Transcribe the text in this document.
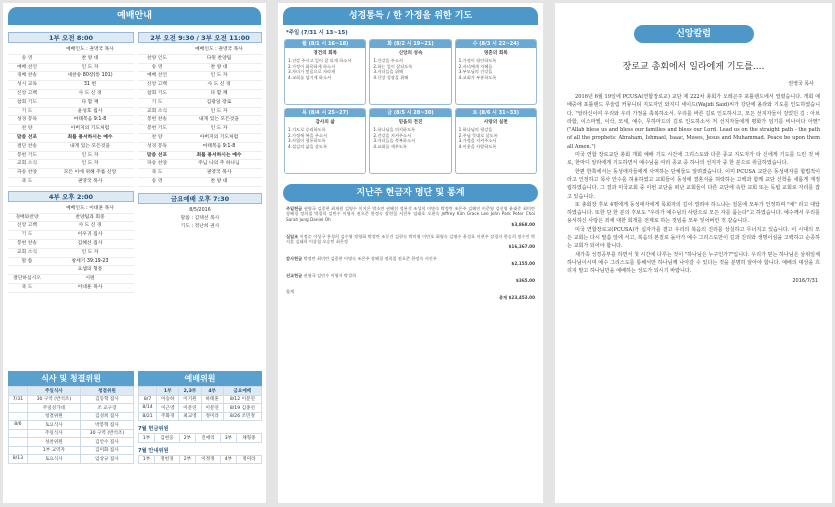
예배안내
1부 오전 8:00
예배인도 : 권영국 목사
송 영	찬 양 대
예배 선언	인 도 자
경배 찬송	새찬송 80장(통 101)
성시 교독	31 번
신앙 고백	사 도 신 경
참회 기도	다 함 께
기 도	윤성호 집사
성경 봉독	마태복음 9:1-8
찬 양	아버지의 기도처럼
말씀 선포	죄를 용서하시는 예수
결단 찬송	내게 있는 모든것을
봉헌 기도	인 도 자
교회 소식	인 도 자
파송 찬양	모든 이에 위해 주를 신앙
축 도	권영국 목사
4부 오후 2:00
예배인도 : 이대훈 목사
경배와찬양	찬양팀과 회중
신앙 고백	사 도 신 경
기 도	이우귀 집사
봉헌 찬송	김혜선 집사
교회 소식	인 도 자
말 씀	창세기 39:19-23
요셉의 형통
결단하십시오	시편
축 도	이대훈 목사
2부 오전 9:30 / 3부 오전 11:00
예배인도 : 권영국 목사
찬양 인도	다윗 찬양팀
송 영	찬 양 대
예배 선언	인 도 자
신앙 고백	사 도 신 경
참회 기도	다 함 께
기 도	김광일 장로
교회 소식	인 도 자
봉헌 찬송	내게 있는 모든것을
봉헌 기도	인 도 자
찬 양	아버지의 기도처럼
성경 봉독	마태복음 9:1-8
말씀 선포	죄를 용서하시는 예수
파송 찬양	주님 나의 주 하나님
축 도	권영국 목사
송 영	찬 양 대
금요예배 오후 7:30
8/5/2016
말씀 : 김택선 목사
기도 : 정난희 권사
식사 및 청결위원
	주일식사	청결위원
7/31	30 구역 (반석조)	김동혁 집사
	주일성가대	조 교구장
	청결위원	김성희 집사
8/6	토요식사	박봉혁 집사
	주일식사	30 구역 (반석조)
	성찬위원	김안수 집사
	1부 교역자	김미화 집사
8/13	토요식사	임상규 집사
예배위원
	1부	2,3부	4부	금요예배
8/7	이승하	이기원	하태훈	8/12 이문연
8/14	이근영	이문연	이문연	8/19 김종선
8/21	주화경	최교영	정미라	8/26 조민정
7월 헌금위원
1부	김현웅	2부	진애리	3부	채형종
7월 안내위원
1부	정헌경	2부	이정정	4부	정미라
성경통독 / 한 가정을 위한 기도
*주일 (7/31 시 13~15)
월 (8/1 시 16~18)
경건의 회복
1.건강 주시고 일이 잘 되게 하소서
2.가정이 화목하게 하소서
3.자녀가 믿음으로 자라게
4.교회를 섬기게 하소서
화 (8/2 시 19~21)
신앙의 성숙
1.건강을 주소서
2.하는 일이 잘되도록
3.자녀들을 위해
4.신앙 성장을 위해
수 (8/3 시 22~24)
영혼의 회복
1.가정이 평안하도록
2.자녀에게 지혜를
3.부모님의 건강을
4.교회가 부흥하도록
목 (8/4 시 25~27)
감사의 삶
1.기도로 승리하도록
2.가정에 복을 주소서
3.사업이 형통하도록
4.섬김의 삶을 살도록
금 (8/5 시 28~30)
믿음의 전진
1.하나님을 의지하도록
2.건강을 지켜주소서
3.자녀들을 축복하소서
4.교회를 세우도록
토 (8/6 시 31~33)
사랑의 실천
1.하나님의 평강을
2.주님 뜻대로 살도록
3.가정을 지켜주소서
4.이웃을 사랑하도록
지난주 현금자 명단 및 통계
주일헌금 권영국 김종현 최재원 김영수 이지은 박소연 권혜진 정용석 조성희 이명숙 박정란 조은주 김해진 이준영 김선영 윤태준 최미란 장혜경 정희철 박경희 김민수 이영자 권오준 한정숙 장현철 서진우 임태호 오현숙 Jeffrey Kim Grace Lee John Park Peter Choi Sarah Jung Daniel Oh
$3,868.00
십일조 이정순 이성구 홍경희 김수영 정영화 박정란 조동건 김현숙 박미영 이민호 최영숙 김명수 윤성호 이현주 장경자 한승희 정수진 박지훈 김태희 이상철 오승민 최은정
$16,367.00
감사헌금 박정란 최미란 김종현 이명숙 조은주 장혜경 정희철 권오준 한정숙 서진우
$2,155.00
선교헌금 권영국 김민수 이영자 박경희
$365.00
합계
총계 $23,453.00
신앙칼럼
장로교 총회에서 일라에게 기도를....
권영국 목사

2016년 6월 19일에 PCUSA(연합장로교) 교단 제 222차 총회가 오레곤주 포틀랜드에서 열렸습니다. 개회 예배중에 포틀랜드 무슬림 커뮤니티 지도자인 와지디 세이드(Wajidi Said)씨가 강단에 올라와 기도를 인도하였습니다. "알라신이여 우리와 우리 가정을 축복하소서. 우리를 바른 길로 인도하시고, 모든 선지자들이 걸었던 길 : 아브라함, 이스마엘, 이삭, 모세, 예수, 무하마드의 길로 인도하소서 저 선지자들에게 평화가 임기를 비나이다 아멘" ("Allah bless us and bless our families and bless our Lord. Lead us on the straight path - the path of all the prophets: Abraham, Ishmael, Isaac, Moses, Jesus and Muhammad. Peace be upon them all Amen.")

미국 연합 장로교단 총회 개회 예배 기도 시간에 그리스도와 다른 종교 지도자가 타 신에게 기도를 드린 것 바로, 한마디 알라에게 기도하면서 예수님을 여러 종교 중 하나의 선지자 중 한 분으로 취급하였습니다.

한편 한쪽에서는 동성애자들에게 사역하는 단체들도 알려졌습니다. 이미 PCUSA 교단은 동성애자를 합법적이라고 인정하고 목사 안수를 허용하였고 교회들이 동성애 결혼식을 허락하는 고백과 함께 교단 신학을 새롭게 재정립하였습니다. 그 결과 미국교회 중 이번 교단을 떠난 교회들이 다른 교단에 속한 교회 또는 독립 교회로 자리를 잡고 있습니다.

또 총회장 후보 4명에게 동성애자에게 목회자의 길이 열려야 하느냐는 질문에 모두가 인정하며 "예" 라고 대답하였습니다. 또한 단 한 분의 후보도 "우리가 예수님의 사랑으로 모든 자를 품는다"고 하였습니다. 예수께서 우리를 용서하신 사랑은 죄에 대한 회개를 전제로 하는 것임을 모두 잊어버린 것 같습니다.

미국 연합장로교(PCUSA)가 십자가를 곁고 우리의 복음의 진리를 상실하고 무너지고 있습니다. 이 시대의 모든 교회는 다시 말씀 앞에 서고, 복음의 본질로 돌아가 예수 그리스도만이 길과 진리와 생명이심을 고백하고 순종하는 교회가 되어야 합니다.

새가족 성경공부를 하면서 첫 시간에 다루는 것이 "하나님은 누구인가?"입니다. 우리가 믿는 하나님은 삼위일체 하나님이시며 예수 그리스도를 통해서만 하나님께 나아갈 수 있다는 것을 분명히 알아야 합니다. 예배의 대상을 흐리지 말고 하나님만을 예배하는 성도가 되시기 바랍니다.

2016/7/31
